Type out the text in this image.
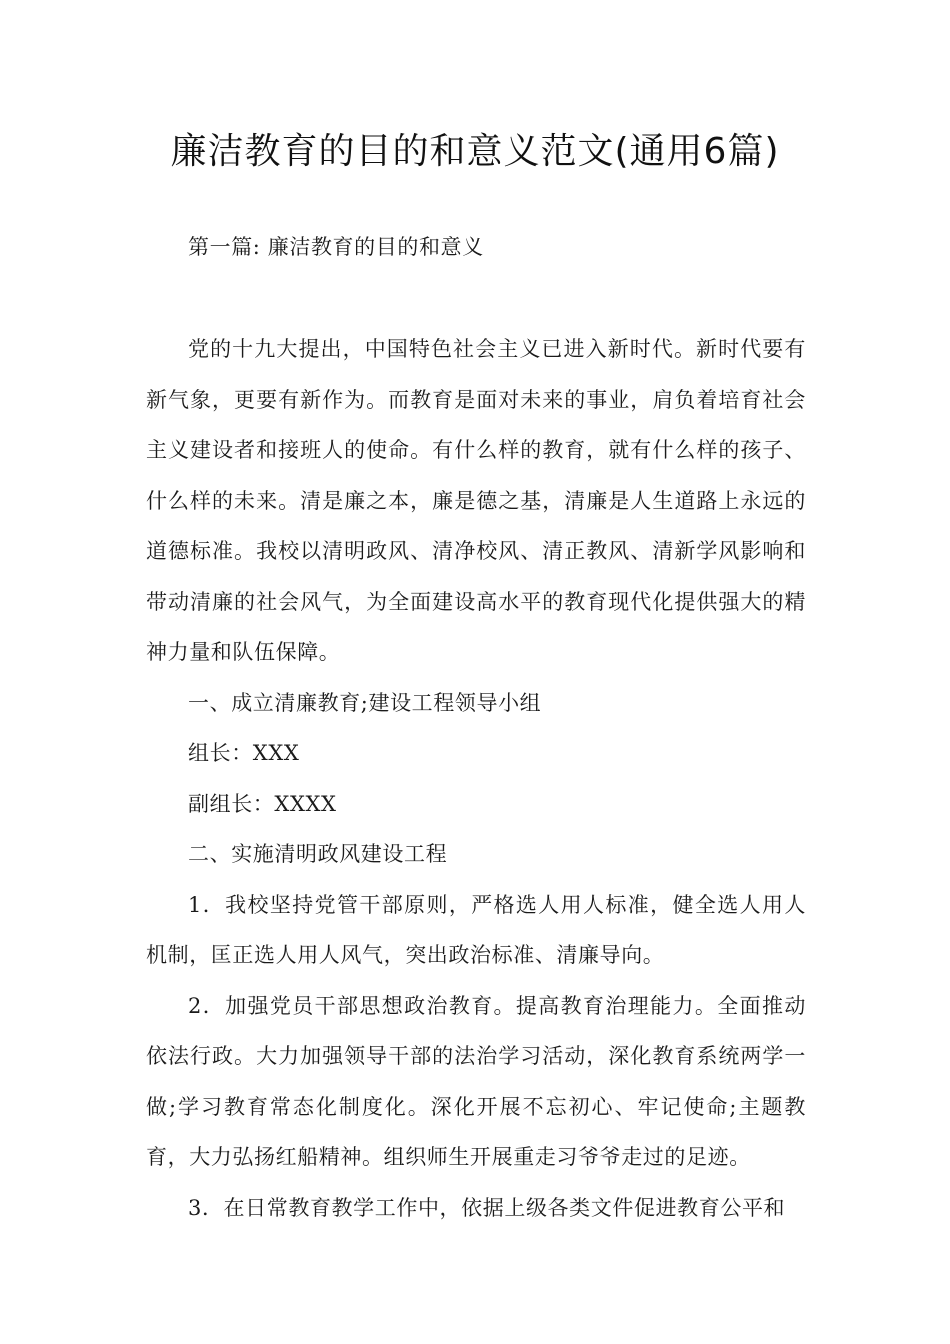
廉洁教育的目的和意义范文(通用6篇)

第一篇: 廉洁教育的目的和意义

党的十九大提出，中国特色社会主义已进入新时代。新时代要有新气象，更要有新作为。而教育是面对未来的事业，肩负着培育社会主义建设者和接班人的使命。有什么样的教育，就有什么样的孩子、什么样的未来。清是廉之本，廉是德之基，清廉是人生道路上永远的道德标准。我校以清明政风、清净校风、清正教风、清新学风影响和带动清廉的社会风气，为全面建设高水平的教育现代化提供强大的精神力量和队伍保障。

一、成立清廉教育;建设工程领导小组

组长：XXX

副组长：XXXX

二、实施清明政风建设工程

1．我校坚持党管干部原则，严格选人用人标准，健全选人用人机制，匡正选人用人风气，突出政治标准、清廉导向。

2．加强党员干部思想政治教育。提高教育治理能力。全面推动依法行政。大力加强领导干部的法治学习活动，深化教育系统两学一做;学习教育常态化制度化。深化开展不忘初心、牢记使命;主题教育，大力弘扬红船精神。组织师生开展重走习爷爷走过的足迹。

3．在日常教育教学工作中，依据上级各类文件促进教育公平和
